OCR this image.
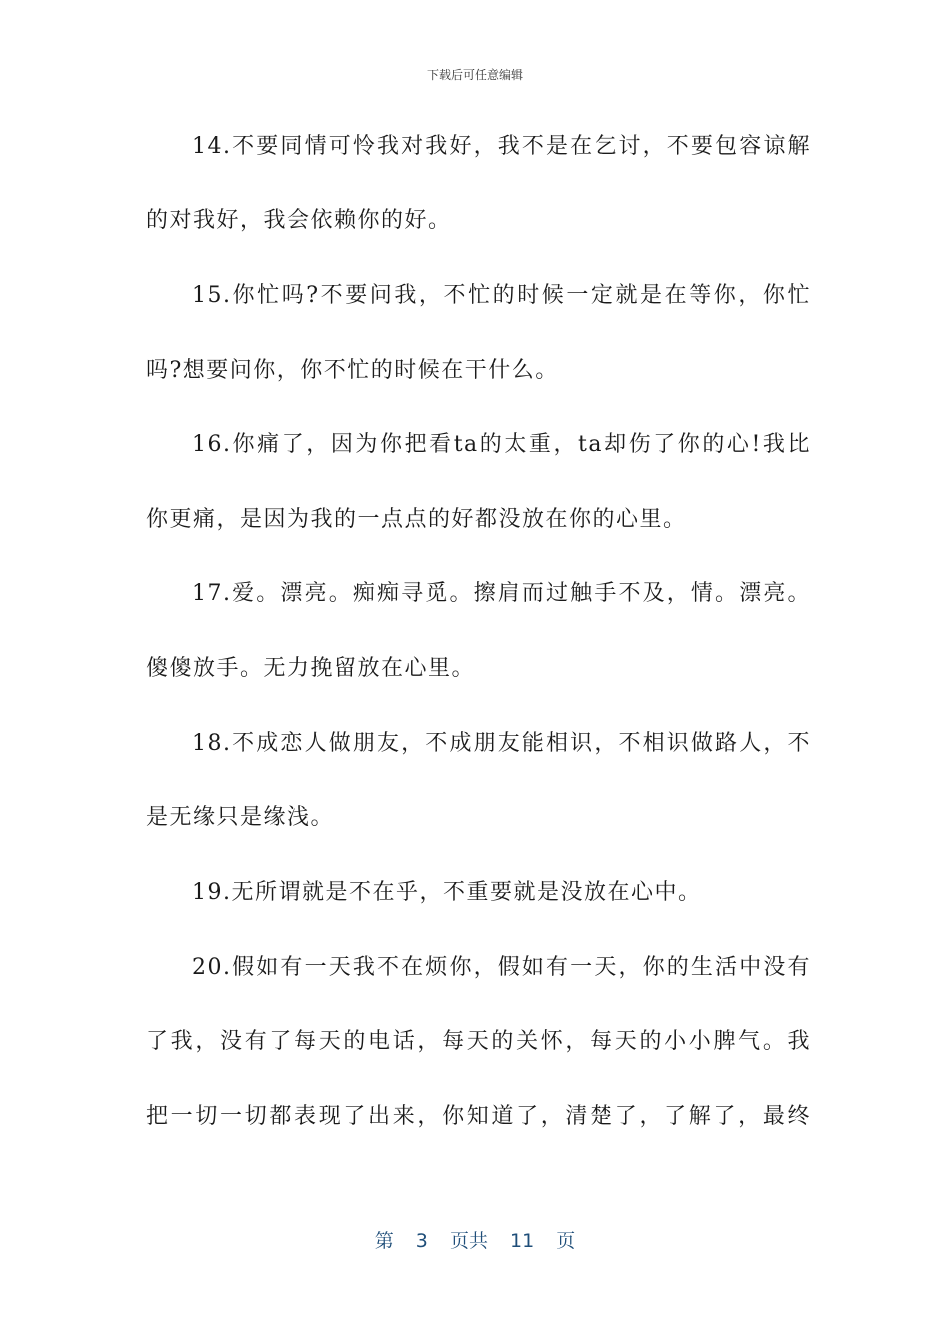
下载后可任意编辑
14.不要同情可怜我对我好，我不是在乞讨，不要包容谅解
的对我好，我会依赖你的好。
15.你忙吗?不要问我，不忙的时候一定就是在等你，你忙
吗?想要问你，你不忙的时候在干什么。
16.你痛了，因为你把看ta的太重，ta却伤了你的心!我比
你更痛，是因为我的一点点的好都没放在你的心里。
17.爱。漂亮。痴痴寻觅。擦肩而过触手不及，情。漂亮。
傻傻放手。无力挽留放在心里。
18.不成恋人做朋友，不成朋友能相识，不相识做路人，不
是无缘只是缘浅。
19.无所谓就是不在乎，不重要就是没放在心中。
20.假如有一天我不在烦你，假如有一天，你的生活中没有
了我，没有了每天的电话，每天的关怀，每天的小小脾气。我
把一切一切都表现了出来，你知道了，清楚了，了解了，最终
第 3 页共 11 页
